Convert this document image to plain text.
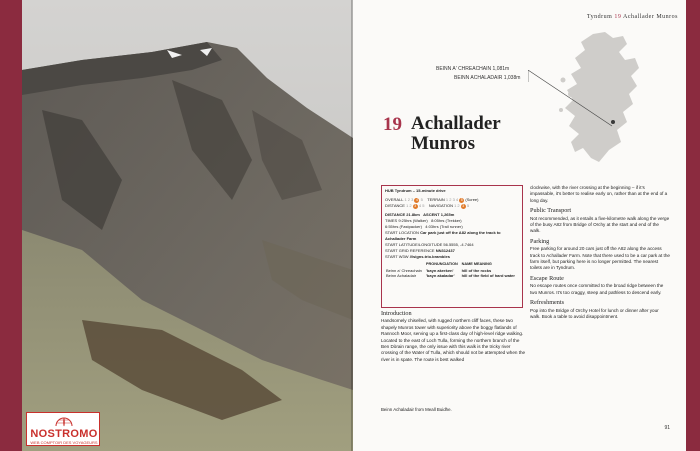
NOSTROMO
WEB COMPTOIR DES VOYAGEURS
Tyndrum 19 Achallader Munros
BEINN A' CHREACHAIN 1,081m
BEINN ACHALADAIR 1,038m
19 Achallader
Munros
HUB Tyndrum – 15-minute drive
OVERALL 1 2 3 4 5 TERRAIN 1 2 3 4 5 (Scree)
DISTANCE 1 2 3 4 5 NAVIGATION 1 2 3 5
DISTANCE 21.8km ASCENT 1,265m
TIMES 9:25hrs (Walker) 8:05hrs (Trekker)
6:55hrs (Fastpacker) 4:03hrs (Trail runner)
START LOCATION Car park just off the A82 along the track to Achallader Farm
START LATITUDE/LONGITUDE 56.5555, -4.7464
START GRID REFERENCE NN312437
START W3W ///signs.trio.brambles
	PRONUNCIATION	NAME MEANING
Beinn a' Chreachain	'bayn akreken'	hill of the rocks
Beinn Achaladair	'bayn akaladar'	hill of the field of hard water
Introduction
Handsomely chiselled, with rugged northern cliff faces, these two shapely Munros tower with superiority above the boggy flatlands of Rannoch Moor, serving up a first-class day of high-level ridge walking. Located to the east of Loch Tulla, forming the northern branch of the Ben Dòrain range, the only issue with this walk is the tricky river crossing of the Water of Tulla, which should not be attempted when the river is in spate. The route is best walked
clockwise, with the river crossing at the beginning – if it's impassable, it's better to realise early on, rather than at the end of a long day.
Public Transport
Not recommended, as it entails a five-kilometre walk along the verge of the busy A82 from Bridge of Orchy at the start and end of the walk.
Parking
Free parking for around 20 cars just off the A82 along the access track to Achallader Farm. Note that there used to be a car park at the farm itself, but parking here is no longer permitted. The nearest toilets are in Tyndrum.
Escape Route
No escape routes once committed to the broad ridge between the two Munros. It's too craggy, steep and pathless to descend early.
Refreshments
Pop into the Bridge of Orchy Hotel for lunch or dinner after your walk. Book a table to avoid disappointment.
Beinn Achaladair from Meall Buidhe.
91
